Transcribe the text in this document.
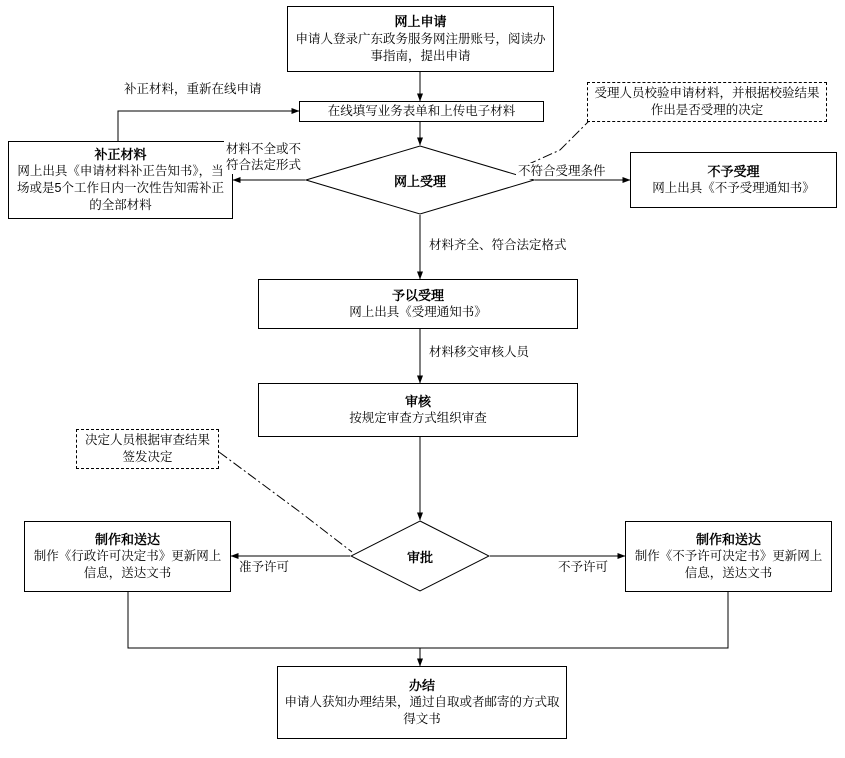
网上申请
申请人登录广东政务服务网注册账号，阅读办事指南，提出申请
在线填写业务表单和上传电子材料
受理人员校验申请材料，并根据校验结果作出是否受理的决定
网上受理
补正材料
网上出具《申请材料补正告知书》，当场或是5个工作日内一次性告知需补正的全部材料
不予受理
网上出具《不予受理通知书》
予以受理
网上出具《受理通知书》
审核
按规定审查方式组织审查
决定人员根据审查结果签发决定
审批
制作和送达
制作《行政许可决定书》更新网上信息，送达文书
制作和送达
制作《不予许可决定书》更新网上信息，送达文书
办结
申请人获知办理结果，通过自取或者邮寄的方式取得文书
补正材料，重新在线申请
材料不全或不符合法定形式	不符合受理条件
材料齐全、符合法定格式
材料移交审核人员
准予许可	不予许可
